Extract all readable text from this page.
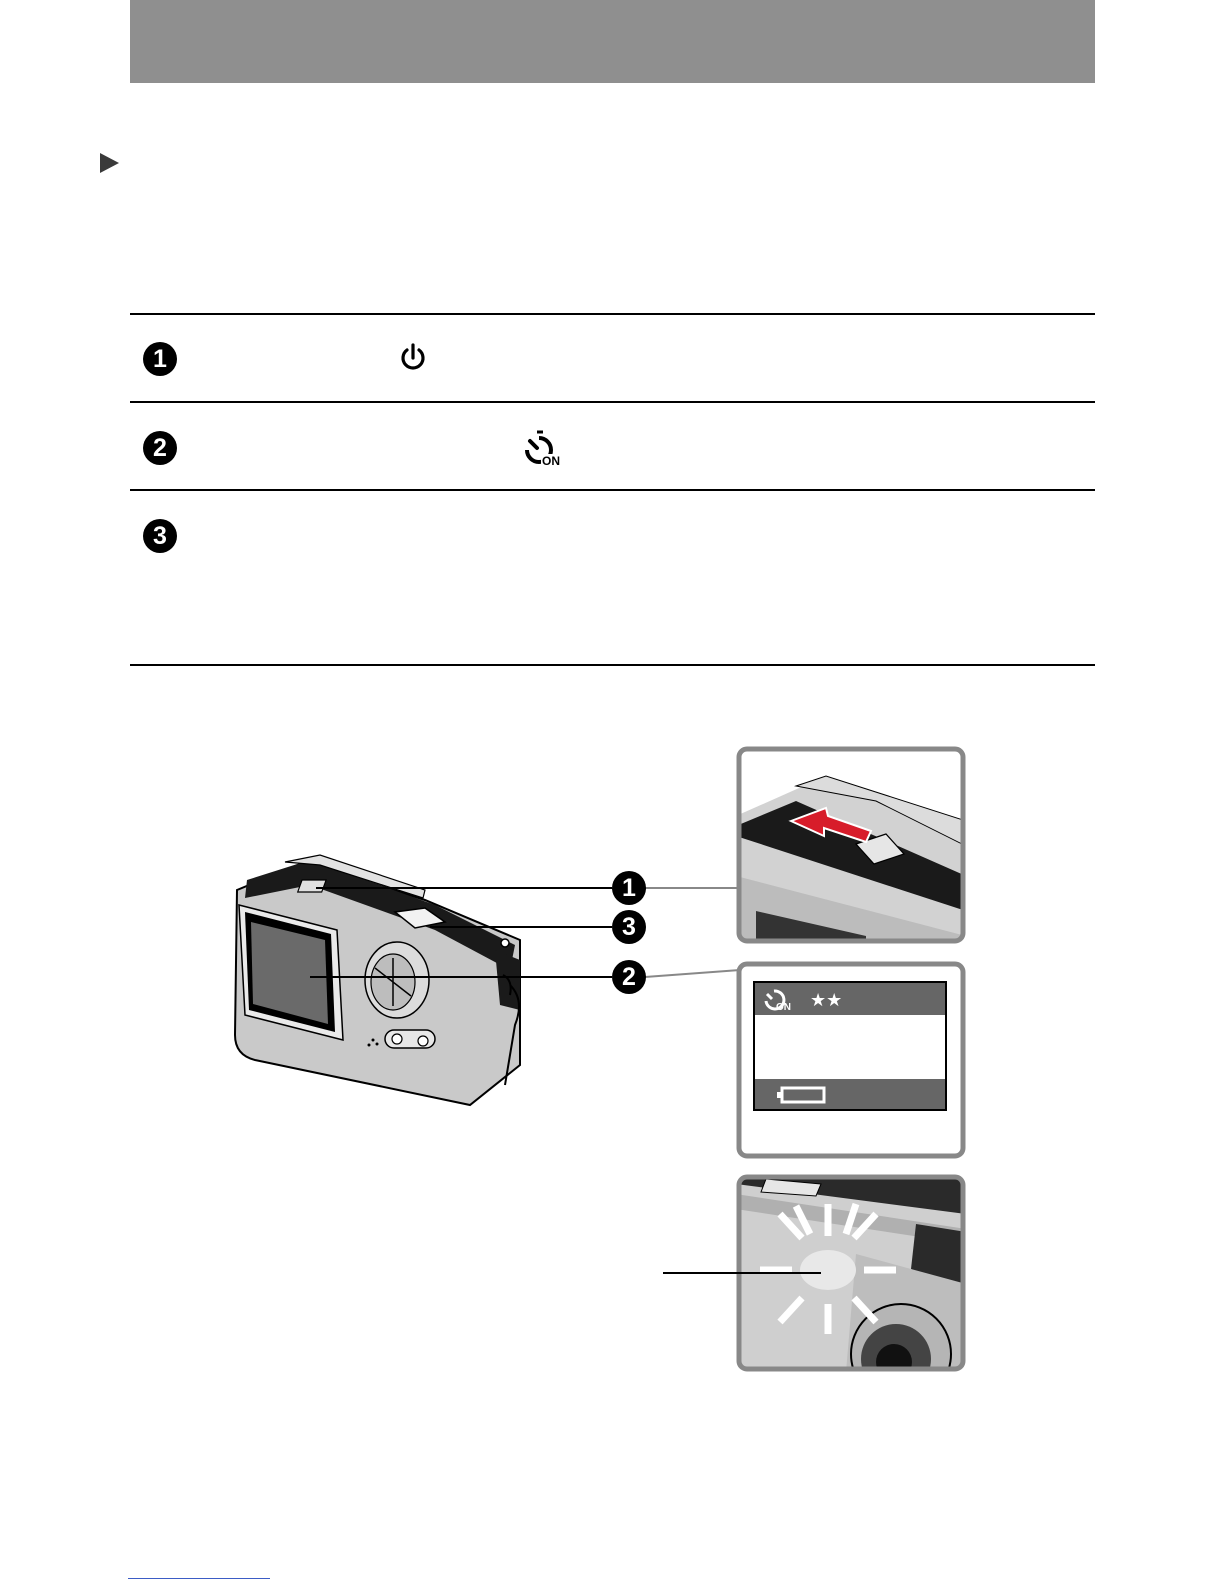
1
2
3
ON
1
3
2
ON ★★
